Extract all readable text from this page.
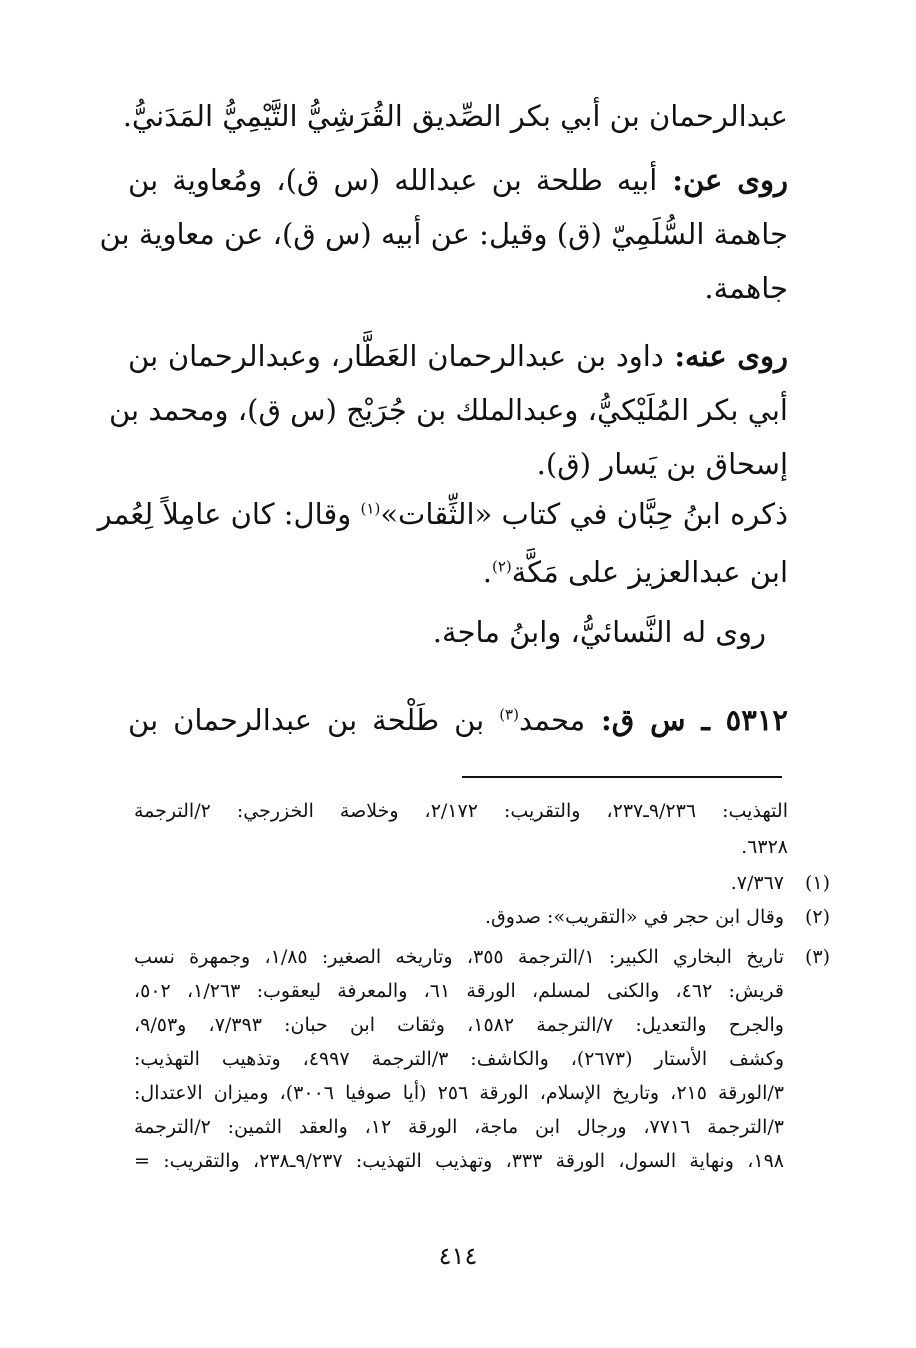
عبدالرحمان بن أبي بكر الصِّديق القُرَشِيُّ التَّيْمِيُّ المَدَنيُّ.
روى عن: أبيه طلحة بن عبدالله (س ق)، ومُعاوية بن
جاهمة السُّلَمِيّ (ق) وقيل: عن أبيه (س ق)، عن معاوية بن
جاهمة.
روى عنه: داود بن عبدالرحمان العَطَّار، وعبدالرحمان بن
أبي بكر المُلَيْكيُّ، وعبدالملك بن جُرَيْج (س ق)، ومحمد بن
إسحاق بن يَسار (ق).
ذكره ابنُ حِبَّان في كتاب «الثِّقات»$^{(١)}$ وقال: كان عامِلاً لِعُمر
ابن عبدالعزيز على مَكَّة$^{(٢)}$.
روى له النَّسائيُّ، وابنُ ماجة.
٥٣١٢ ـ س ق: محمد$^{(٣)}$ بن طَلْحة بن عبدالرحمان بن
التهذيب: ٩/٢٣٦ـ٢٣٧، والتقريب: ٢/١٧٢، وخلاصة الخزرجي: ٢/الترجمة
٦٣٢٨.
(١)
٧/٣٦٧.
(٢)
وقال ابن حجر في «التقريب»: صدوق.
(٣)
تاريخ البخاري الكبير: ١/الترجمة ٣٥٥، وتاريخه الصغير: ١/٨٥، وجمهرة نسب
قريش: ٤٦٢، والكنى لمسلم، الورقة ٦١، والمعرفة ليعقوب: ١/٢٦٣، ٥٠٢،
والجرح والتعديل: ٧/الترجمة ١٥٨٢، وثقات ابن حبان: ٧/٣٩٣، و٩/٥٣،
وكشف الأستار (٢٦٧٣)، والكاشف: ٣/الترجمة ٤٩٩٧، وتذهيب التهذيب:
٣/الورقة ٢١٥، وتاريخ الإسلام، الورقة ٢٥٦ (أيا صوفيا ٣٠٠٦)، وميزان الاعتدال:
٣/الترجمة ٧٧١٦، ورجال ابن ماجة، الورقة ١٢، والعقد الثمين: ٢/الترجمة
١٩٨، ونهاية السول، الورقة ٣٣٣، وتهذيب التهذيب: ٩/٢٣٧ـ٢٣٨، والتقريب: =
٤١٤
